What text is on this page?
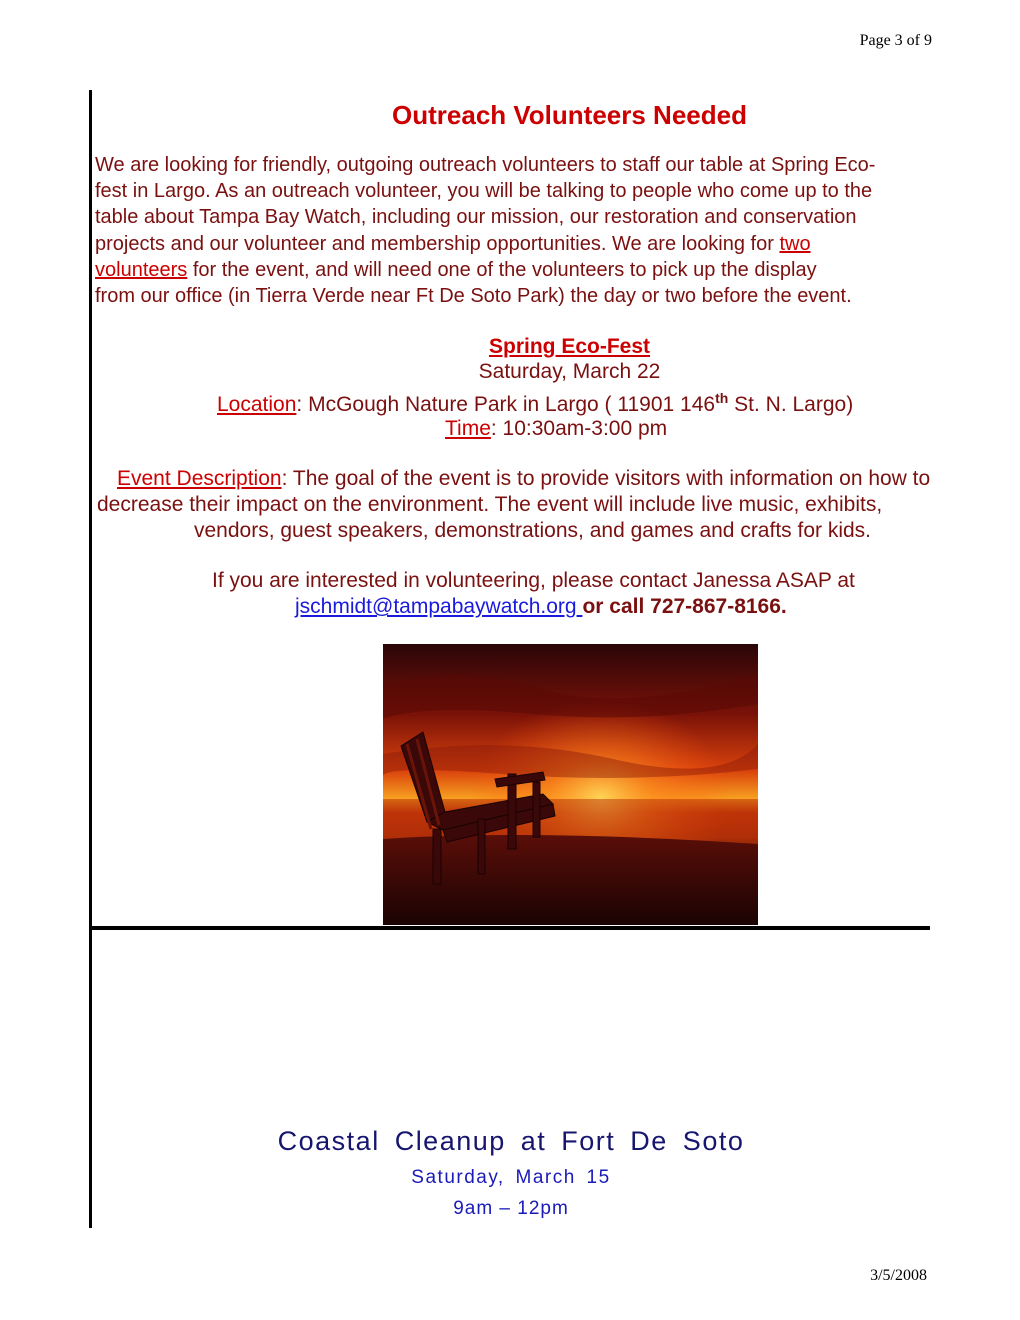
Page 3 of 9
Outreach Volunteers Needed
We are looking for friendly, outgoing outreach volunteers to staff our table at Spring Eco-
fest in Largo. As an outreach volunteer, you will be talking to people who come up to the
table about Tampa Bay Watch, including our mission, our restoration and conservation
projects and our volunteer and membership opportunities. We are looking for two
volunteers for the event, and will need one of the volunteers to pick up the display
from our office (in Tierra Verde near Ft De Soto Park) the day or two before the event.
Spring Eco-Fest
Saturday, March 22
Location: McGough Nature Park in Largo ( 11901 146th St. N. Largo)
Time: 10:30am-3:00 pm
Event Description: The goal of the event is to provide visitors with information on how to
decrease their impact on the environment. The event will include live music, exhibits,
vendors, guest speakers, demonstrations, and games and crafts for kids.
If you are interested in volunteering, please contact Janessa ASAP at
jschmidt@tampabaywatch.org or call 727-867-8166.
Coastal Cleanup at Fort De Soto
Saturday, March 15
9am – 12pm
3/5/2008
